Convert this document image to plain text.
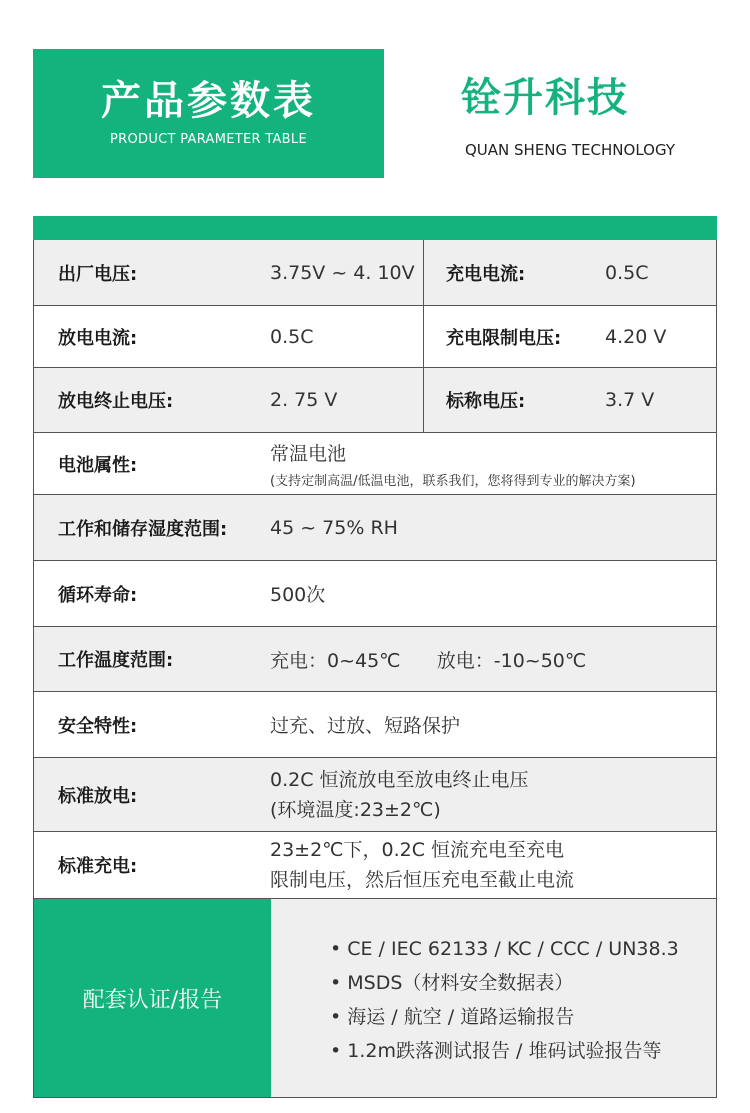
产品参数表
PRODUCT PARAMETER TABLE
铨升科技
QUAN SHENG TECHNOLOGY
出厂电压:	3.75V ~ 4. 10V 充电电流:	0.5C
放电电流:	0.5C	充电限制电压: 4.20 V
放电终止电压:	2. 75 V	标称电压:	3.7 V
电池属性:
常温电池
(支持定制高温/低温电池，联系我们，您将得到专业的解决方案)
工作和储存湿度范围: 45 ~ 75% RH
循环寿命:	500次
工作温度范围:	充电：0~45℃      放电：-10~50℃
安全特性:	过充、过放、短路保护
标准放电:
0.2C 恒流放电至放电终止电压
(环境温度:23±2℃)
标准充电:
23±2℃下，0.2C 恒流充电至充电
限制电压，然后恒压充电至截止电流
配套认证/报告
• CE / IEC 62133 / KC / CCC / UN38.3
• MSDS（材料安全数据表）
• 海运 / 航空 / 道路运输报告
• 1.2m跌落测试报告 / 堆码试验报告等
